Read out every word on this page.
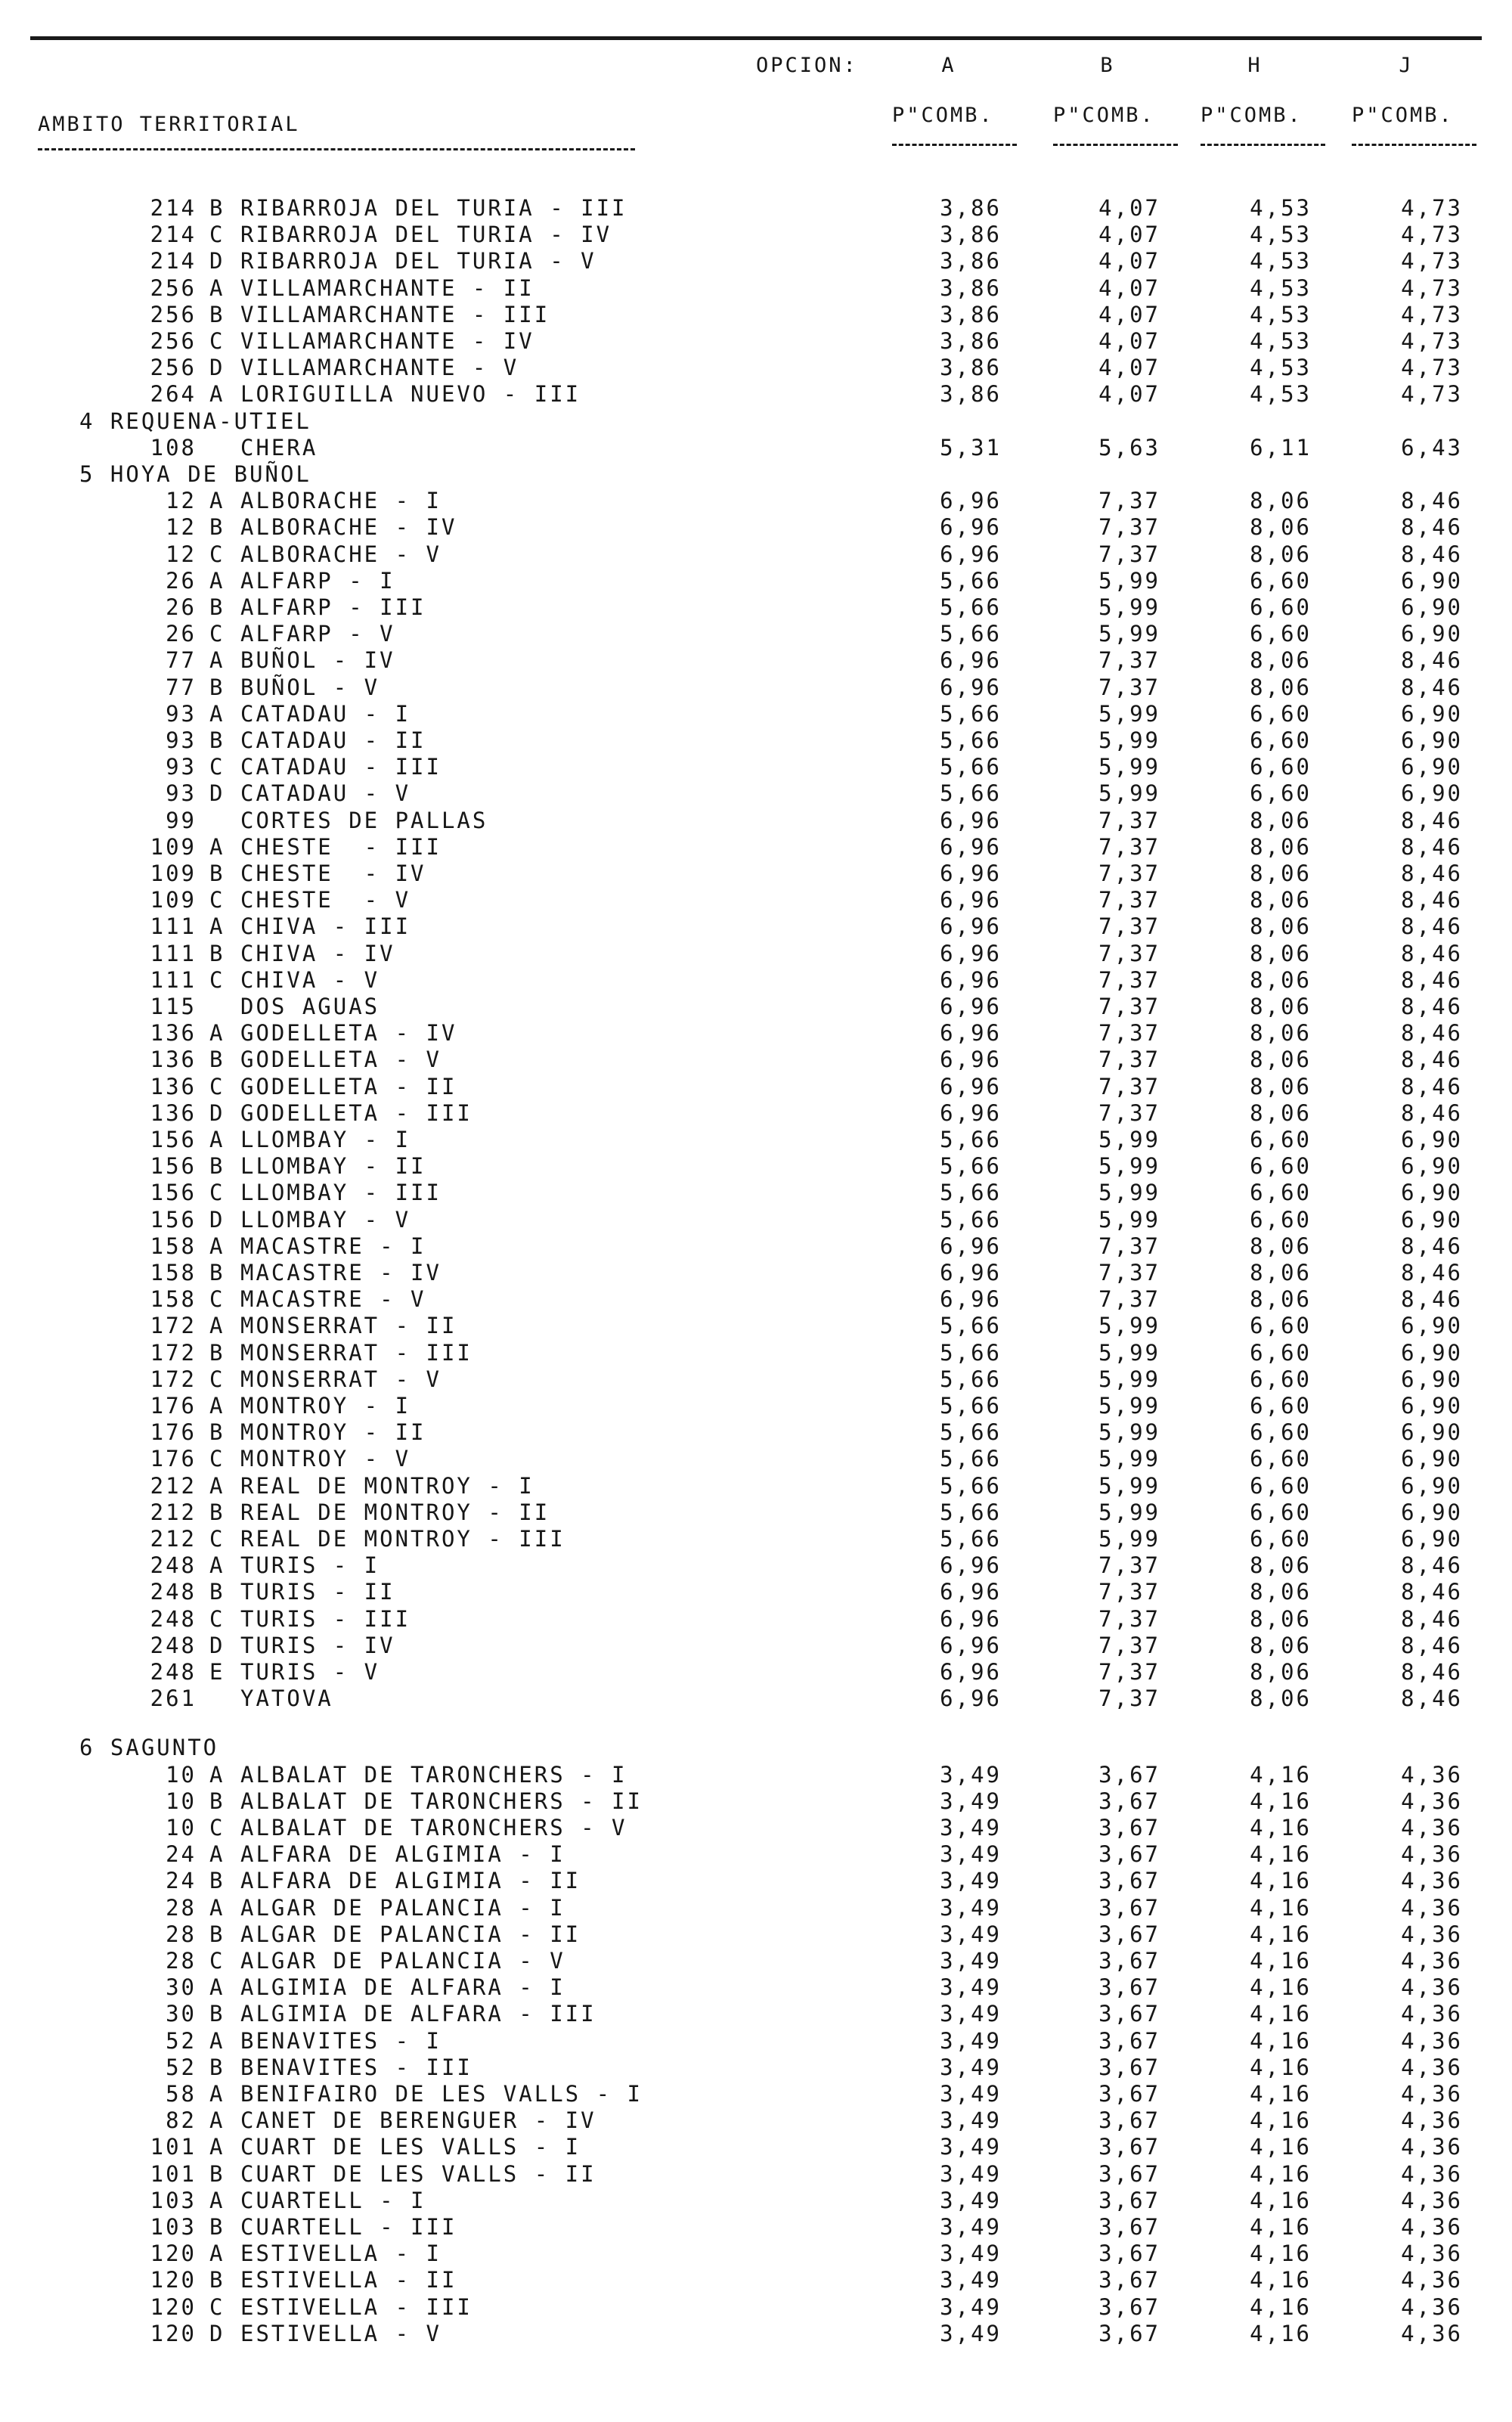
OPCION:	A	B	H	J
AMBITO TERRITORIAL	P"COMB.	P"COMB. P"COMB. P"COMB.
214 B RIBARROJA DEL TURIA - III	3,86	4,07	4,53	4,73
214 C RIBARROJA DEL TURIA - IV	3,86	4,07	4,53	4,73
214 D RIBARROJA DEL TURIA - V	3,86	4,07	4,53	4,73
256 A VILLAMARCHANTE - II	3,86	4,07	4,53	4,73
256 B VILLAMARCHANTE - III	3,86	4,07	4,53	4,73
256 C VILLAMARCHANTE - IV	3,86	4,07	4,53	4,73
256 D VILLAMARCHANTE - V	3,86	4,07	4,53	4,73
264 A LORIGUILLA NUEVO - III	3,86	4,07	4,53	4,73
4 REQUENA-UTIEL
108 CHERA	5,31	5,63	6,11	6,43
5 HOYA DE BUÑOL
12 A ALBORACHE - I	6,96	7,37	8,06	8,46
12 B ALBORACHE - IV	6,96	7,37	8,06	8,46
12 C ALBORACHE - V	6,96	7,37	8,06	8,46
26 A ALFARP - I	5,66	5,99	6,60	6,90
26 B ALFARP - III	5,66	5,99	6,60	6,90
26 C ALFARP - V	5,66	5,99	6,60	6,90
77 A BUÑOL - IV	6,96	7,37	8,06	8,46
77 B BUÑOL - V	6,96	7,37	8,06	8,46
93 A CATADAU - I	5,66	5,99	6,60	6,90
93 B CATADAU - II	5,66	5,99	6,60	6,90
93 C CATADAU - III	5,66	5,99	6,60	6,90
93 D CATADAU - V	5,66	5,99	6,60	6,90
99 CORTES DE PALLAS	6,96	7,37	8,06	8,46
109 A CHESTE  - III	6,96	7,37	8,06	8,46
109 B CHESTE  - IV	6,96	7,37	8,06	8,46
109 C CHESTE  - V	6,96	7,37	8,06	8,46
111 A CHIVA - III	6,96	7,37	8,06	8,46
111 B CHIVA - IV	6,96	7,37	8,06	8,46
111 C CHIVA - V	6,96	7,37	8,06	8,46
115 DOS AGUAS	6,96	7,37	8,06	8,46
136 A GODELLETA - IV	6,96	7,37	8,06	8,46
136 B GODELLETA - V	6,96	7,37	8,06	8,46
136 C GODELLETA - II	6,96	7,37	8,06	8,46
136 D GODELLETA - III	6,96	7,37	8,06	8,46
156 A LLOMBAY - I	5,66	5,99	6,60	6,90
156 B LLOMBAY - II	5,66	5,99	6,60	6,90
156 C LLOMBAY - III	5,66	5,99	6,60	6,90
156 D LLOMBAY - V	5,66	5,99	6,60	6,90
158 A MACASTRE - I	6,96	7,37	8,06	8,46
158 B MACASTRE - IV	6,96	7,37	8,06	8,46
158 C MACASTRE - V	6,96	7,37	8,06	8,46
172 A MONSERRAT - II	5,66	5,99	6,60	6,90
172 B MONSERRAT - III	5,66	5,99	6,60	6,90
172 C MONSERRAT - V	5,66	5,99	6,60	6,90
176 A MONTROY - I	5,66	5,99	6,60	6,90
176 B MONTROY - II	5,66	5,99	6,60	6,90
176 C MONTROY - V	5,66	5,99	6,60	6,90
212 A REAL DE MONTROY - I	5,66	5,99	6,60	6,90
212 B REAL DE MONTROY - II	5,66	5,99	6,60	6,90
212 C REAL DE MONTROY - III	5,66	5,99	6,60	6,90
248 A TURIS - I	6,96	7,37	8,06	8,46
248 B TURIS - II	6,96	7,37	8,06	8,46
248 C TURIS - III	6,96	7,37	8,06	8,46
248 D TURIS - IV	6,96	7,37	8,06	8,46
248 E TURIS - V	6,96	7,37	8,06	8,46
261 YATOVA	6,96	7,37	8,06	8,46
6 SAGUNTO
10 A ALBALAT DE TARONCHERS - I	3,49	3,67	4,16	4,36
10 B ALBALAT DE TARONCHERS - II	3,49	3,67	4,16	4,36
10 C ALBALAT DE TARONCHERS - V	3,49	3,67	4,16	4,36
24 A ALFARA DE ALGIMIA - I	3,49	3,67	4,16	4,36
24 B ALFARA DE ALGIMIA - II	3,49	3,67	4,16	4,36
28 A ALGAR DE PALANCIA - I	3,49	3,67	4,16	4,36
28 B ALGAR DE PALANCIA - II	3,49	3,67	4,16	4,36
28 C ALGAR DE PALANCIA - V	3,49	3,67	4,16	4,36
30 A ALGIMIA DE ALFARA - I	3,49	3,67	4,16	4,36
30 B ALGIMIA DE ALFARA - III	3,49	3,67	4,16	4,36
52 A BENAVITES - I	3,49	3,67	4,16	4,36
52 B BENAVITES - III	3,49	3,67	4,16	4,36
58 A BENIFAIRO DE LES VALLS - I	3,49	3,67	4,16	4,36
82 A CANET DE BERENGUER - IV	3,49	3,67	4,16	4,36
101 A CUART DE LES VALLS - I	3,49	3,67	4,16	4,36
101 B CUART DE LES VALLS - II	3,49	3,67	4,16	4,36
103 A CUARTELL - I	3,49	3,67	4,16	4,36
103 B CUARTELL - III	3,49	3,67	4,16	4,36
120 A ESTIVELLA - I	3,49	3,67	4,16	4,36
120 B ESTIVELLA - II	3,49	3,67	4,16	4,36
120 C ESTIVELLA - III	3,49	3,67	4,16	4,36
120 D ESTIVELLA - V	3,49	3,67	4,16	4,36
